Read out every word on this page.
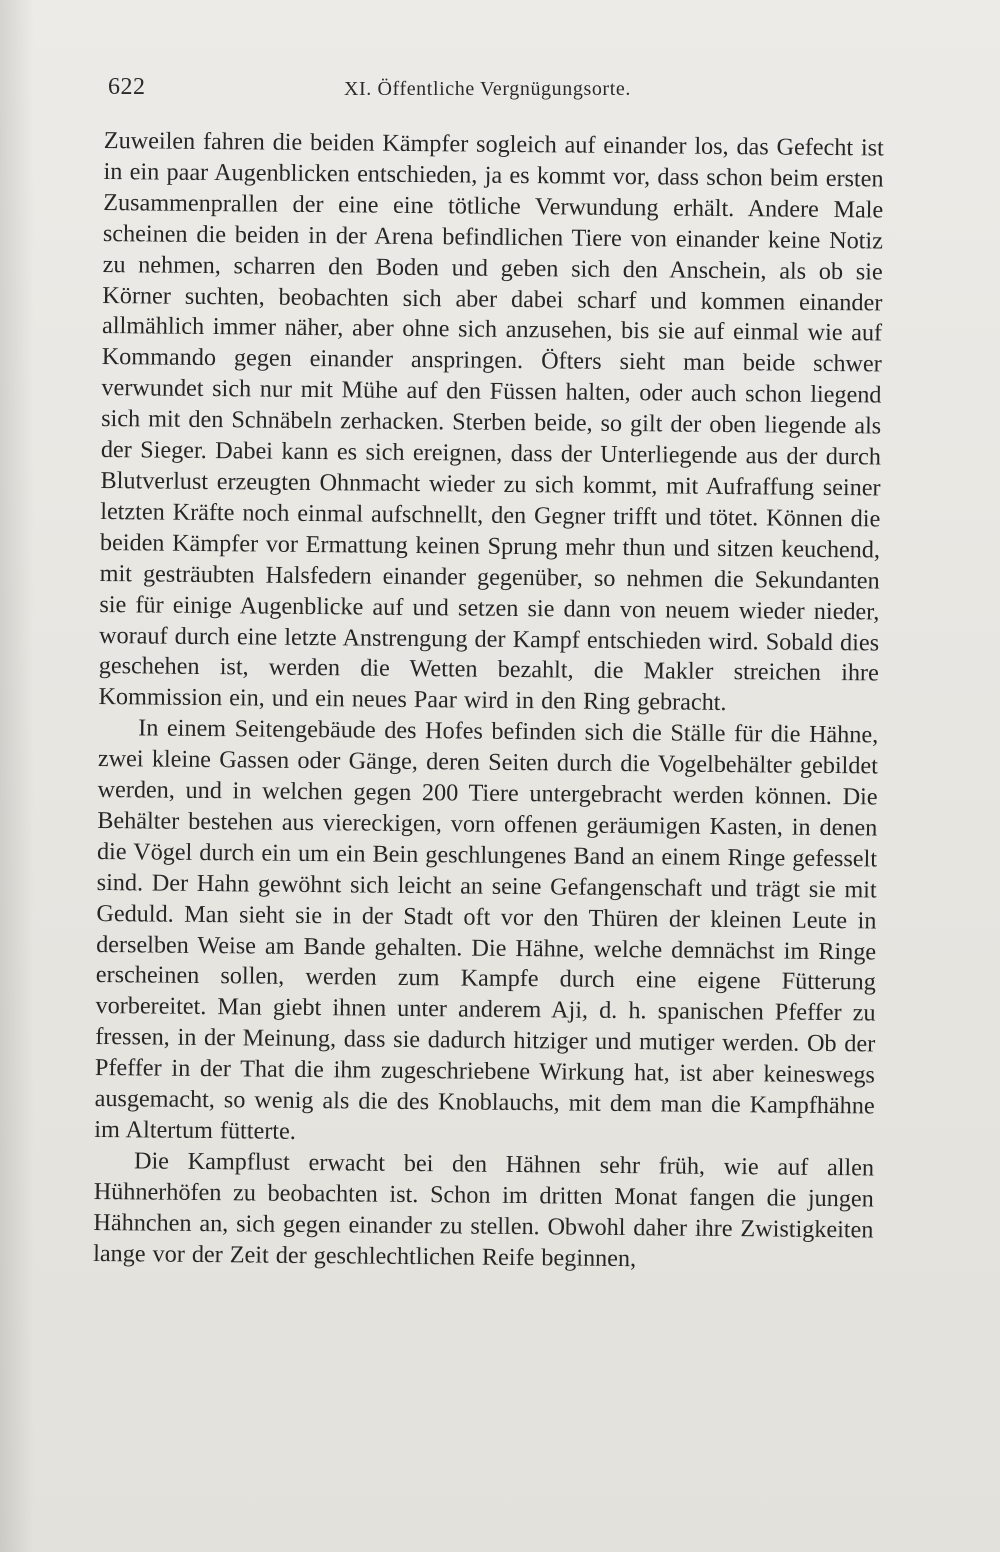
622	XI. Öffentliche Vergnügungsorte.

Zuweilen fahren die beiden Kämpfer sogleich auf einander los, das Gefecht ist in ein paar Augenblicken entschieden, ja es kommt vor, dass schon beim ersten Zusammenprallen der eine eine tötliche Verwundung erhält. Andere Male scheinen die beiden in der Arena befindlichen Tiere von einander keine Notiz zu nehmen, scharren den Boden und geben sich den Anschein, als ob sie Körner suchten, beobachten sich aber dabei scharf und kommen einander allmählich immer näher, aber ohne sich anzusehen, bis sie auf einmal wie auf Kommando gegen einander anspringen. Öfters sieht man beide schwer verwundet sich nur mit Mühe auf den Füssen halten, oder auch schon liegend sich mit den Schnäbeln zerhacken. Sterben beide, so gilt der oben liegende als der Sieger. Dabei kann es sich ereignen, dass der Unterliegende aus der durch Blutverlust erzeugten Ohnmacht wieder zu sich kommt, mit Aufraffung seiner letzten Kräfte noch einmal aufschnellt, den Gegner trifft und tötet. Können die beiden Kämpfer vor Ermattung keinen Sprung mehr thun und sitzen keuchend, mit gesträubten Halsfedern einander gegenüber, so nehmen die Sekundanten sie für einige Augenblicke auf und setzen sie dann von neuem wieder nieder, worauf durch eine letzte Anstrengung der Kampf entschieden wird. Sobald dies geschehen ist, werden die Wetten bezahlt, die Makler streichen ihre Kommission ein, und ein neues Paar wird in den Ring gebracht.

In einem Seitengebäude des Hofes befinden sich die Ställe für die Hähne, zwei kleine Gassen oder Gänge, deren Seiten durch die Vogelbehälter gebildet werden, und in welchen gegen 200 Tiere untergebracht werden können. Die Behälter bestehen aus viereckigen, vorn offenen geräumigen Kasten, in denen die Vögel durch ein um ein Bein geschlungenes Band an einem Ringe gefesselt sind. Der Hahn gewöhnt sich leicht an seine Gefangenschaft und trägt sie mit Geduld. Man sieht sie in der Stadt oft vor den Thüren der kleinen Leute in derselben Weise am Bande gehalten. Die Hähne, welche demnächst im Ringe erscheinen sollen, werden zum Kampfe durch eine eigene Fütterung vorbereitet. Man giebt ihnen unter anderem Aji, d. h. spanischen Pfeffer zu fressen, in der Meinung, dass sie dadurch hitziger und mutiger werden. Ob der Pfeffer in der That die ihm zugeschriebene Wirkung hat, ist aber keineswegs ausgemacht, so wenig als die des Knoblauchs, mit dem man die Kampfhähne im Altertum fütterte.

Die Kampflust erwacht bei den Hähnen sehr früh, wie auf allen Hühnerhöfen zu beobachten ist. Schon im dritten Monat fangen die jungen Hähnchen an, sich gegen einander zu stellen. Obwohl daher ihre Zwistigkeiten lange vor der Zeit der geschlechtlichen Reife beginnen,
